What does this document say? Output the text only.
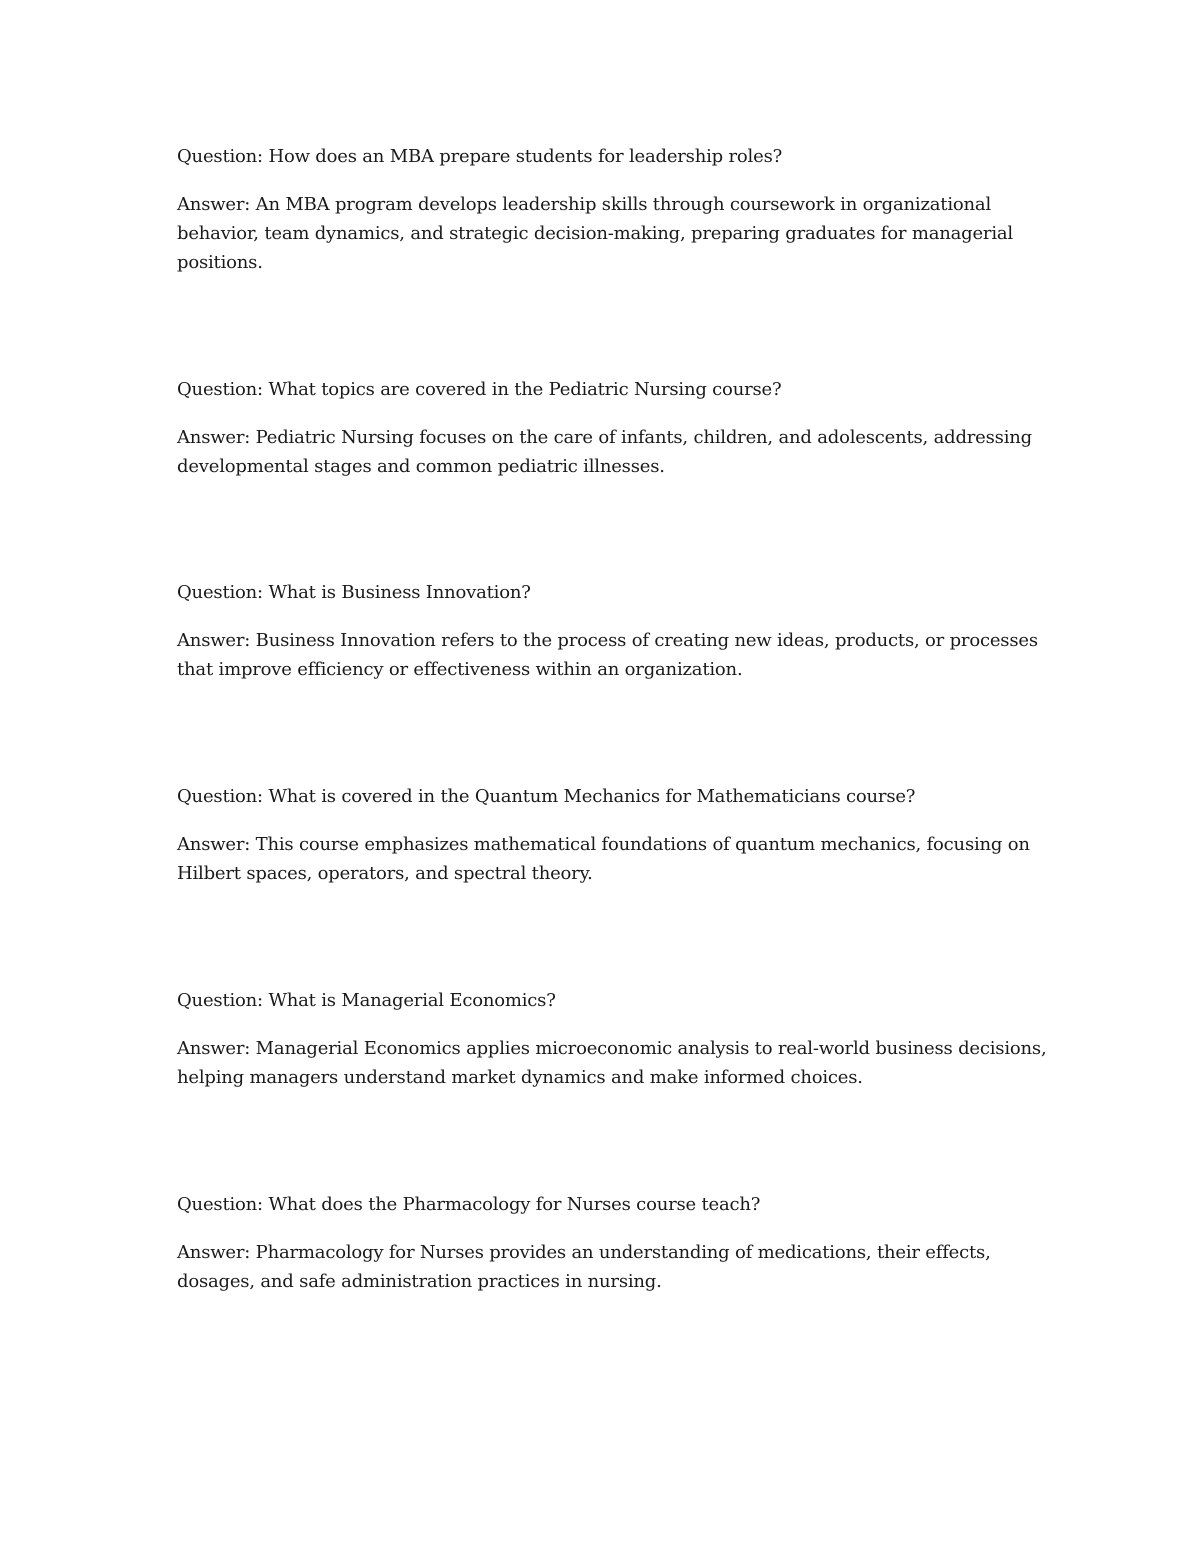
Question: How does an MBA prepare students for leadership roles?

Answer: An MBA program develops leadership skills through coursework in organizational behavior, team dynamics, and strategic decision-making, preparing graduates for managerial positions.

Question: What topics are covered in the Pediatric Nursing course?

Answer: Pediatric Nursing focuses on the care of infants, children, and adolescents, addressing developmental stages and common pediatric illnesses.

Question: What is Business Innovation?

Answer: Business Innovation refers to the process of creating new ideas, products, or processes that improve efficiency or effectiveness within an organization.

Question: What is covered in the Quantum Mechanics for Mathematicians course?

Answer: This course emphasizes mathematical foundations of quantum mechanics, focusing on Hilbert spaces, operators, and spectral theory.

Question: What is Managerial Economics?

Answer: Managerial Economics applies microeconomic analysis to real-world business decisions, helping managers understand market dynamics and make informed choices.

Question: What does the Pharmacology for Nurses course teach?

Answer: Pharmacology for Nurses provides an understanding of medications, their effects, dosages, and safe administration practices in nursing.
